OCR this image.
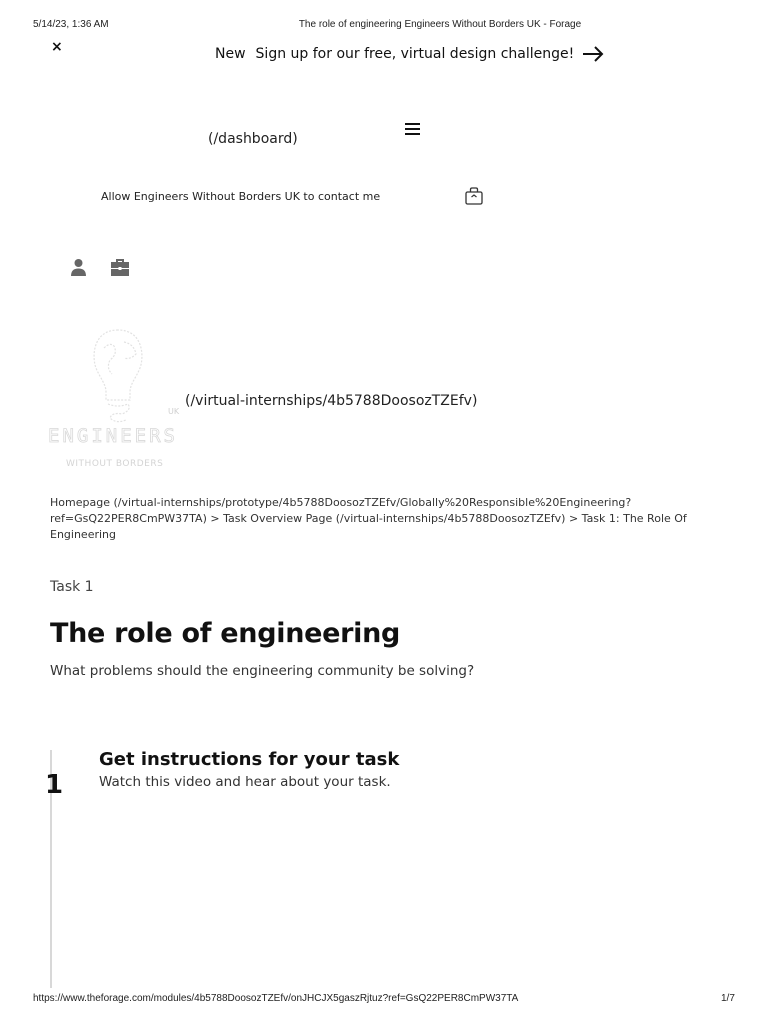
5/14/23, 1:36 AM	The role of engineering Engineers Without Borders UK - Forage
×	New Sign up for our free, virtual design challenge!
(/dashboard)
Allow Engineers Without Borders UK to contact me
UK
ENGINEERS
WITHOUT BORDERS
(/virtual-internships/4b5788DoosozTZEfv)
Homepage (/virtual-internships/prototype/4b5788DoosozTZEfv/Globally%20Responsible%20Engineering?ref=GsQ22PER8CmPW37TA) > Task Overview Page (/virtual-internships/4b5788DoosozTZEfv) > Task 1: The Role Of Engineering
Task 1
The role of engineering
What problems should the engineering community be solving?
1
Get instructions for your task
Watch this video and hear about your task.
https://www.theforage.com/modules/4b5788DoosozTZEfv/onJHCJX5gaszRjtuz?ref=GsQ22PER8CmPW37TA	1/7
